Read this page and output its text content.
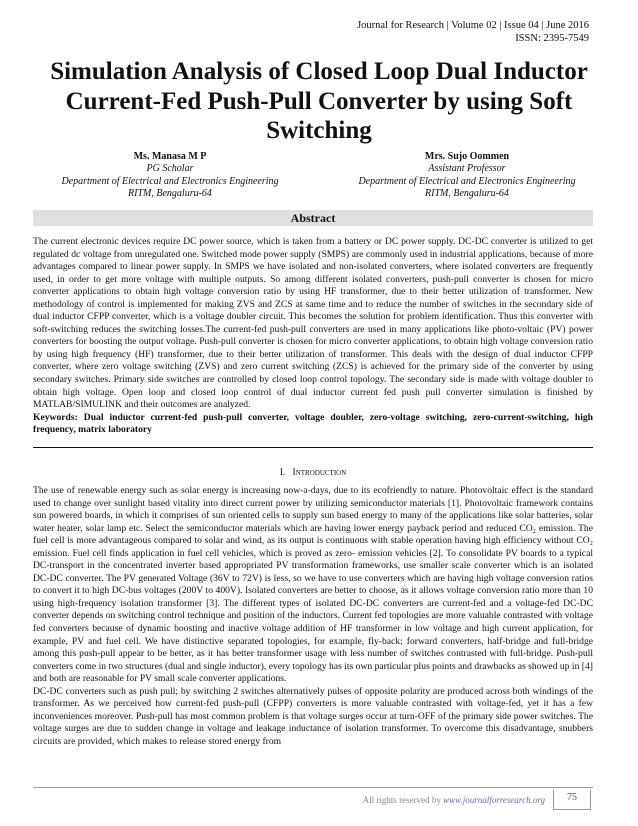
Journal for Research | Volume 02 | Issue 04 | June 2016
ISSN: 2395-7549
Simulation Analysis of Closed Loop Dual Inductor Current-Fed Push-Pull Converter by using Soft Switching
Ms. Manasa M P
PG Scholar
Department of Electrical and Electronics Engineering
RITM, Bengaluru-64
Mrs. Sujo Oommen
Assistant Professor
Department of Electrical and Electronics Engineering
RITM, Bengaluru-64
Abstract
The current electronic devices require DC power source, which is taken from a battery or DC power supply. DC-DC converter is utilized to get regulated dc voltage from unregulated one. Switched mode power supply (SMPS) are commonly used in industrial applications, because of more advantages compared to linear power supply. In SMPS we have isolated and non-isolated converters, where isolated converters are frequently used, in order to get more voltage with multiple outputs. So among different isolated converters, push-pull converter is chosen for micro converter applications to obtain high voltage conversion ratio by using HF transformer, due to their better utilization of transformer. New methodology of control is implemented for making ZVS and ZCS at same time and to reduce the number of switches in the secondary side of dual inductor CFPP converter, which is a voltage doubler circuit. This becomes the solution for problem identification. Thus this converter with soft-switching reduces the switching losses.The current-fed push-pull converters are used in many applications like photo-voltaic (PV) power converters for boosting the output voltage. Push-pull converter is chosen for micro converter applications, to obtain high voltage conversion ratio by using high frequency (HF) transformer, due to their better utilization of transformer. This deals with the design of dual inductor CFPP converter, where zero voltage switching (ZVS) and zero current switching (ZCS) is achieved for the primary side of the converter by using secondary switches. Primary side switches are controlled by closed loop control topology. The secondary side is made with voltage doubler to obtain high voltage. Open loop and closed loop control of dual inductor current fed push pull converter simulation is finished by MATLAB/SIMULINK and their outcomes are analyzed.
Keywords: Dual inductor current-fed push-pull converter, voltage doubler, zero-voltage switching, zero-current-switching, high frequency, matrix laboratory
I. Introduction

The use of renewable energy such as solar energy is increasing now-a-days, due to its ecofriendly to nature. Photovoltaic effect is the standard used to change over sunlight based vitality into direct current power by utilizing semiconductor materials [1]. Photovoltaic framework contains sun powered boards, in which it comprises of sun oriented cells to supply sun based energy to many of the applications like solar batteries, solar water heater, solar lamp etc. Select the semiconductor materials which are having lower energy payback period and reduced CO₂ emission. The fuel cell is more advantageous compared to solar and wind, as its output is continuous with stable operation having high efficiency without CO₂ emission. Fuel cell finds application in fuel cell vehicles, which is proved as zero- emission vehicles [2]. To consolidate PV boards to a typical DC-transport in the concentrated inverter based appropriated PV transformation frameworks, use smaller scale converter which is an isolated DC-DC converter. The PV generated Voltage (36V to 72V) is less, so we have to use converters which are having high voltage conversion ratios to convert it to high DC-bus voltages (200V to 400V). Isolated converters are better to choose, as it allows voltage conversion ratio more than 10 using high-frequency isolation transformer [3]. The different types of isolated DC-DC converters are current-fed and a voltage-fed DC-DC converter depends on switching control technique and position of the inductors. Current fed topologies are more valuable contrasted with voltage fed converters because of dynamic boosting and inactive voltage addition of HF transformer in low voltage and high current application, for example, PV and fuel cell. We have distinctive separated topologies, for example, fly-back; forward converters, half-bridge and full-bridge among this push-pull appear to be better, as it has better transformer usage with less number of switches contrasted with full-bridge. Push-pull converters come in two structures (dual and single inductor), every topology has its own particular plus points and drawbacks as showed up in [4] and both are reasonable for PV small scale converter applications.

DC-DC converters such as push pull; by switching 2 switches alternatively pulses of opposite polarity are produced across both windings of the transformer. As we perceived how current-fed push-pull (CFPP) converters is more valuable contrasted with voltage-fed, yet it has a few inconveniences moreover. Push-pull has most common problem is that voltage surges occur at turn-OFF of the primary side power switches. The voltage surges are due to sudden change in voltage and leakage inductance of isolation transformer. To overcome this disadvantage, snubbers circuits are provided, which makes to release stored energy from

All rights reserved by www.journalforresearch.org	75
